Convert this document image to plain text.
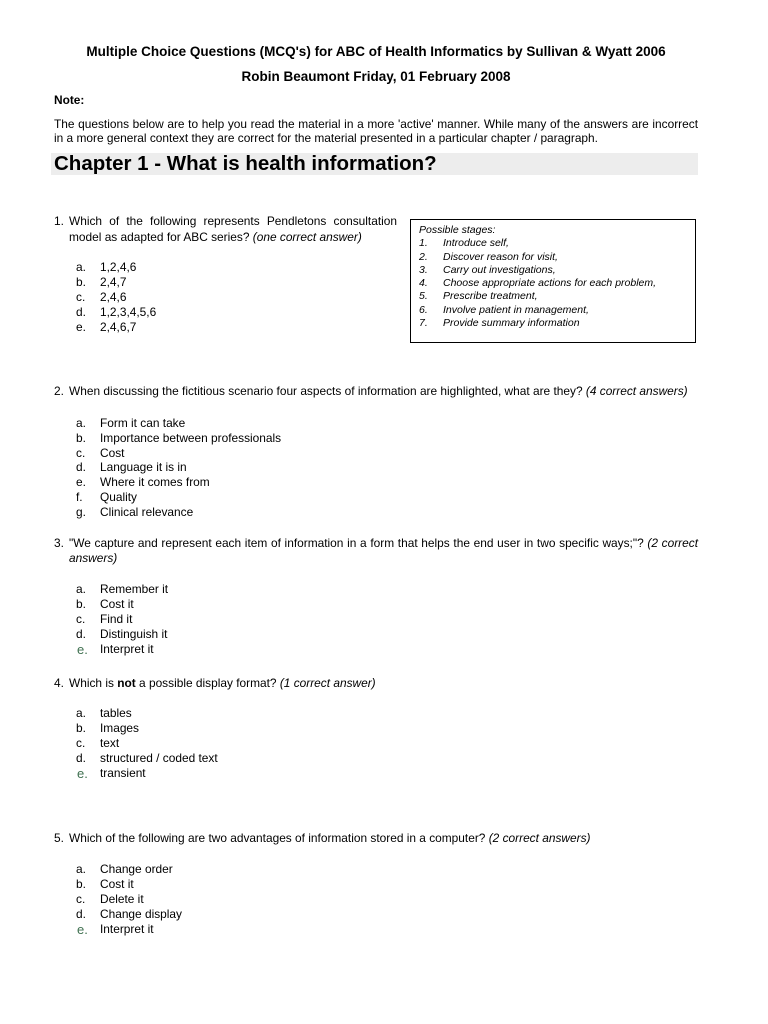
Multiple Choice Questions (MCQ's) for ABC of Health Informatics by Sullivan & Wyatt 2006
Robin Beaumont Friday, 01 February 2008
Note:

The questions below are to help you read the material in a more 'active' manner. While many of the answers are incorrect in a more general context they are correct for the material presented in a particular chapter / paragraph.

Chapter 1 - What is health information?
1. Which of the following represents Pendletons consultation model as adapted for ABC series? (one correct answer)

a. 1,2,4,6
b. 2,4,7
c. 2,4,6
d. 1,2,3,4,5,6
e. 2,4,6,7
Possible stages:
1. Introduce self,
2. Discover reason for visit,
3. Carry out investigations,
4. Choose appropriate actions for each problem,
5. Prescribe treatment,
6. Involve patient in management,
7. Provide summary information
2. When discussing the fictitious scenario four aspects of information are highlighted, what are they? (4 correct answers)

a. Form it can take
b. Importance between professionals
c. Cost
d. Language it is in
e. Where it comes from
f. Quality
g. Clinical relevance
3. "We capture and represent each item of information in a form that helps the end user in two specific ways;"? (2 correct answers)

a. Remember it
b. Cost it
c. Find it
d. Distinguish it
e. Interpret it
4. Which is not a possible display format? (1 correct answer)

a. tables
b. Images
c. text
d. structured / coded text
e. transient
5. Which of the following are two advantages of information stored in a computer? (2 correct answers)

a. Change order
b. Cost it
c. Delete it
d. Change display
e. Interpret it
